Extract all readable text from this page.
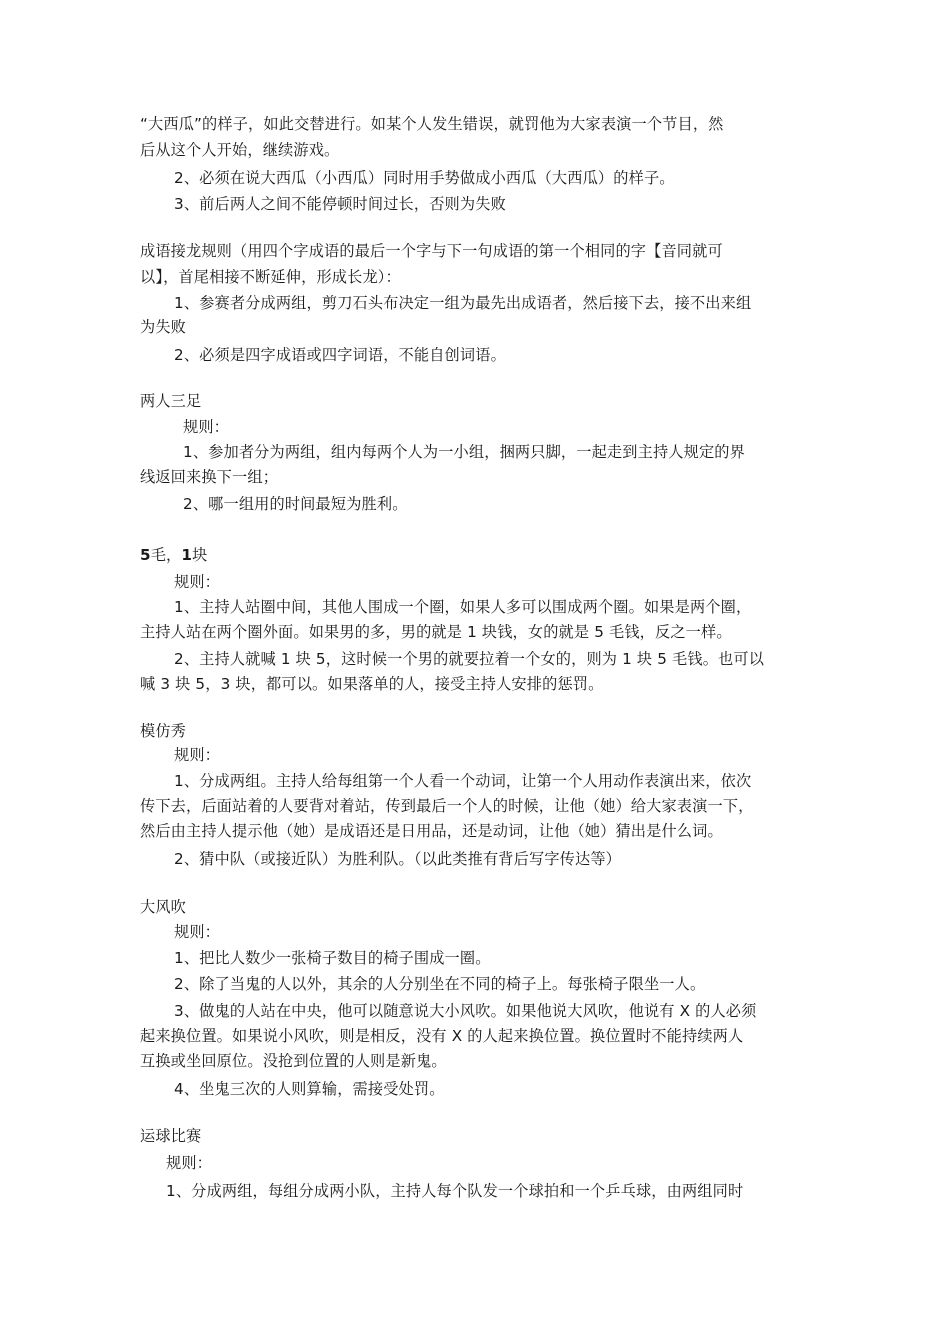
“大西瓜”的样子，如此交替进行。如某个人发生错误，就罚他为大家表演一个节目，然
后从这个人开始，继续游戏。
2、必须在说大西瓜（小西瓜）同时用手势做成小西瓜（大西瓜）的样子。
3、前后两人之间不能停顿时间过长，否则为失败
成语接龙规则（用四个字成语的最后一个字与下一句成语的第一个相同的字【音同就可
以】，首尾相接不断延伸，形成长龙）：
1、参赛者分成两组，剪刀石头布决定一组为最先出成语者，然后接下去，接不出来组
为失败
2、必须是四字成语或四字词语，不能自创词语。
两人三足
规则：
1、参加者分为两组，组内每两个人为一小组，捆两只脚，一起走到主持人规定的界
线返回来换下一组；
2、哪一组用的时间最短为胜利。
5毛，1块
规则：
1、主持人站圈中间，其他人围成一个圈，如果人多可以围成两个圈。如果是两个圈，
主持人站在两个圈外面。如果男的多，男的就是 1 块钱，女的就是 5 毛钱，反之一样。
2、主持人就喊 1 块 5，这时候一个男的就要拉着一个女的，则为 1 块 5 毛钱。也可以
喊 3 块 5，3 块，都可以。如果落单的人，接受主持人安排的惩罚。
模仿秀
规则：
1、分成两组。主持人给每组第一个人看一个动词，让第一个人用动作表演出来，依次
传下去，后面站着的人要背对着站，传到最后一个人的时候，让他（她）给大家表演一下，
然后由主持人提示他（她）是成语还是日用品，还是动词，让他（她）猜出是什么词。
2、猜中队（或接近队）为胜利队。（以此类推有背后写字传达等）
大风吹
规则：
1、把比人数少一张椅子数目的椅子围成一圈。
2、除了当鬼的人以外，其余的人分别坐在不同的椅子上。每张椅子限坐一人。
3、做鬼的人站在中央，他可以随意说大小风吹。如果他说大风吹，他说有 X 的人必须
起来换位置。如果说小风吹，则是相反，没有 X 的人起来换位置。换位置时不能持续两人
互换或坐回原位。没抢到位置的人则是新鬼。
4、坐鬼三次的人则算输，需接受处罚。
运球比赛
规则：
1、分成两组，每组分成两小队，主持人每个队发一个球拍和一个乒乓球，由两组同时
